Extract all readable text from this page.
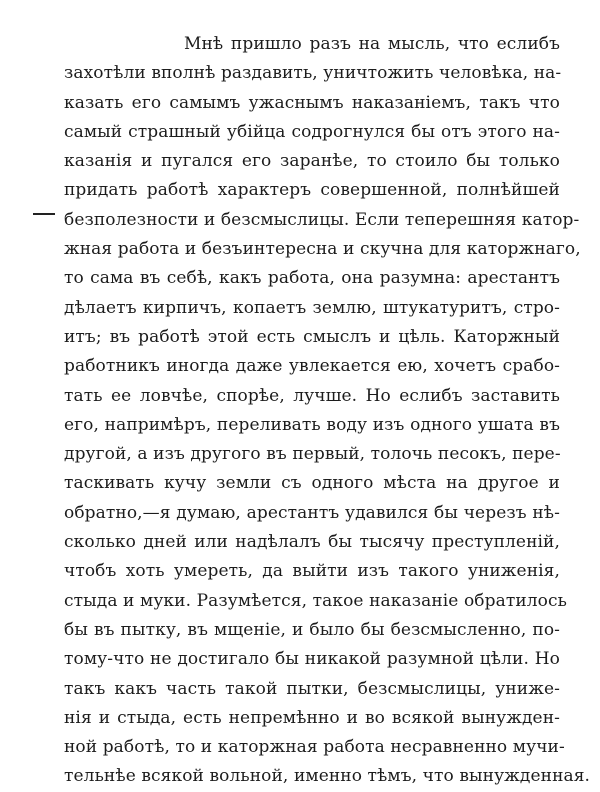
Мнѣ пришло разъ на мысль, что еслибъ
захотѣли вполнѣ раздавить, уничтожить человѣка, на-
казать его самымъ ужаснымъ наказаніемъ, такъ что
самый страшный убійца содрогнулся бы отъ этого на-
казанія и пугался его заранѣе, то стоило бы только
придать работѣ характеръ совершенной, полнѣйшей
безполезности и безсмыслицы. Если теперешняя катор-
жная работа и безъинтересна и скучна для каторжнаго,
то сама въ себѣ, какъ работа, она разумна: арестантъ
дѣлаетъ кирпичъ, копаетъ землю, штукатуритъ, стро-
итъ; въ работѣ этой есть смыслъ и цѣль. Каторжный
работникъ иногда даже увлекается ею, хочетъ срабо-
тать ее ловчѣе, спорѣе, лучше. Но еслибъ заставить
его, напримѣръ, переливать воду изъ одного ушата въ
другой, а изъ другого въ первый, толочь песокъ, пере-
таскивать кучу земли съ одного мѣста на другое и
обратно,—я думаю, арестантъ удавился бы черезъ нѣ-
сколько дней или надѣлалъ бы тысячу преступленій,
чтобъ хоть умереть, да выйти изъ такого униженія,
стыда и муки. Разумѣется, такое наказаніе обратилось
бы въ пытку, въ мщеніе, и было бы безсмысленно, по-
тому-что не достигало бы никакой разумной цѣли. Но
такъ какъ часть такой пытки, безсмыслицы, униже-
нія и стыда, есть непремѣнно и во всякой вынужден-
ной работѣ, то и каторжная работа несравненно мучи-
тельнѣе всякой вольной, именно тѣмъ, что вынужденная.
